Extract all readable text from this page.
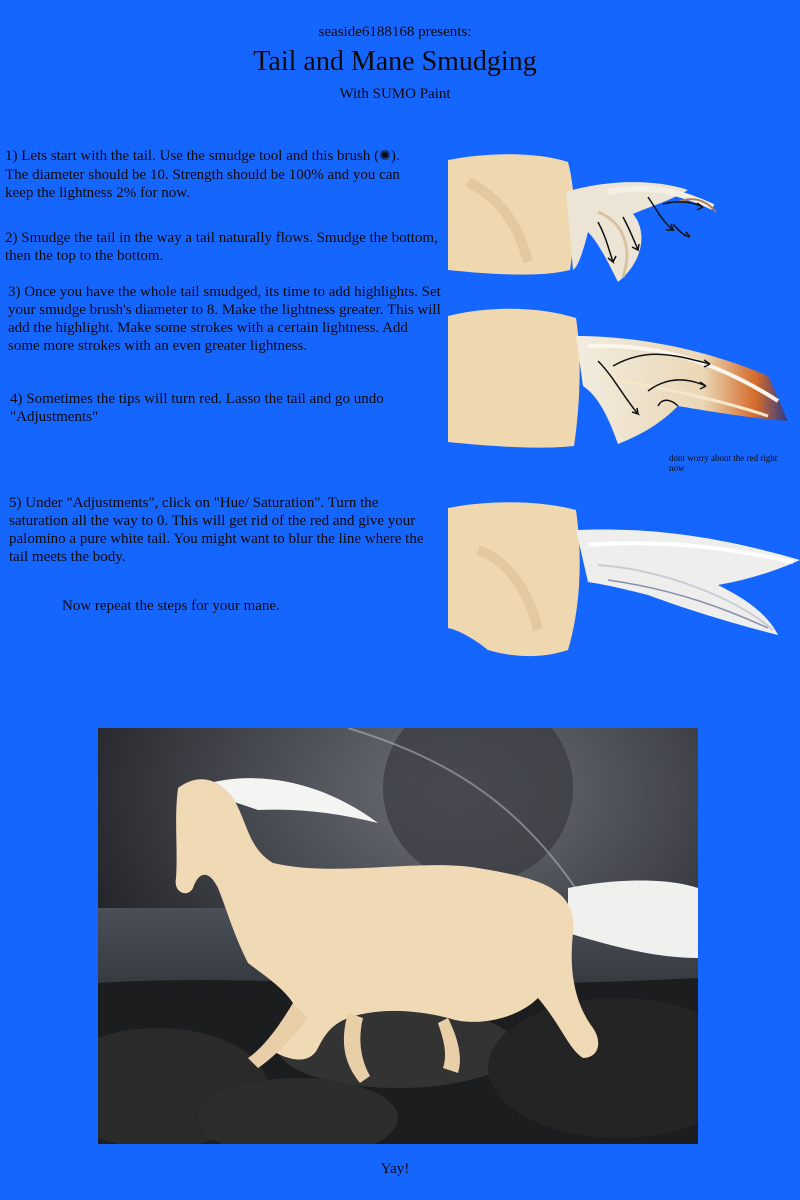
seaside6188168 presents:
Tail and Mane Smudging
With SUMO Paint
1) Lets start with the tail. Use the smudge tool and this brush (✺). The diameter should be 10. Strength should be 100% and you can keep the lightness 2% for now.
2) Smudge the tail in the way a tail naturally flows. Smudge the bottom, then the top to the bottom.
3) Once you have the whole tail smudged, its time to add highlights. Set your smudge brush's diameter to 8. Make the lightness greater. This will add the highlight. Make some strokes with a certain lightness. Add some more strokes with an even greater lightness.
4) Sometimes the tips will turn red. Lasso the tail and go undo "Adjustments"
5) Under "Adjustments", click on "Hue/ Saturation". Turn the saturation all the way to 0. This will get rid of the red and give your palomino a pure white tail. You might want to blur the line where the tail meets the body.
Now repeat the steps for your mane.
dont worry about the red right now
Yay!
